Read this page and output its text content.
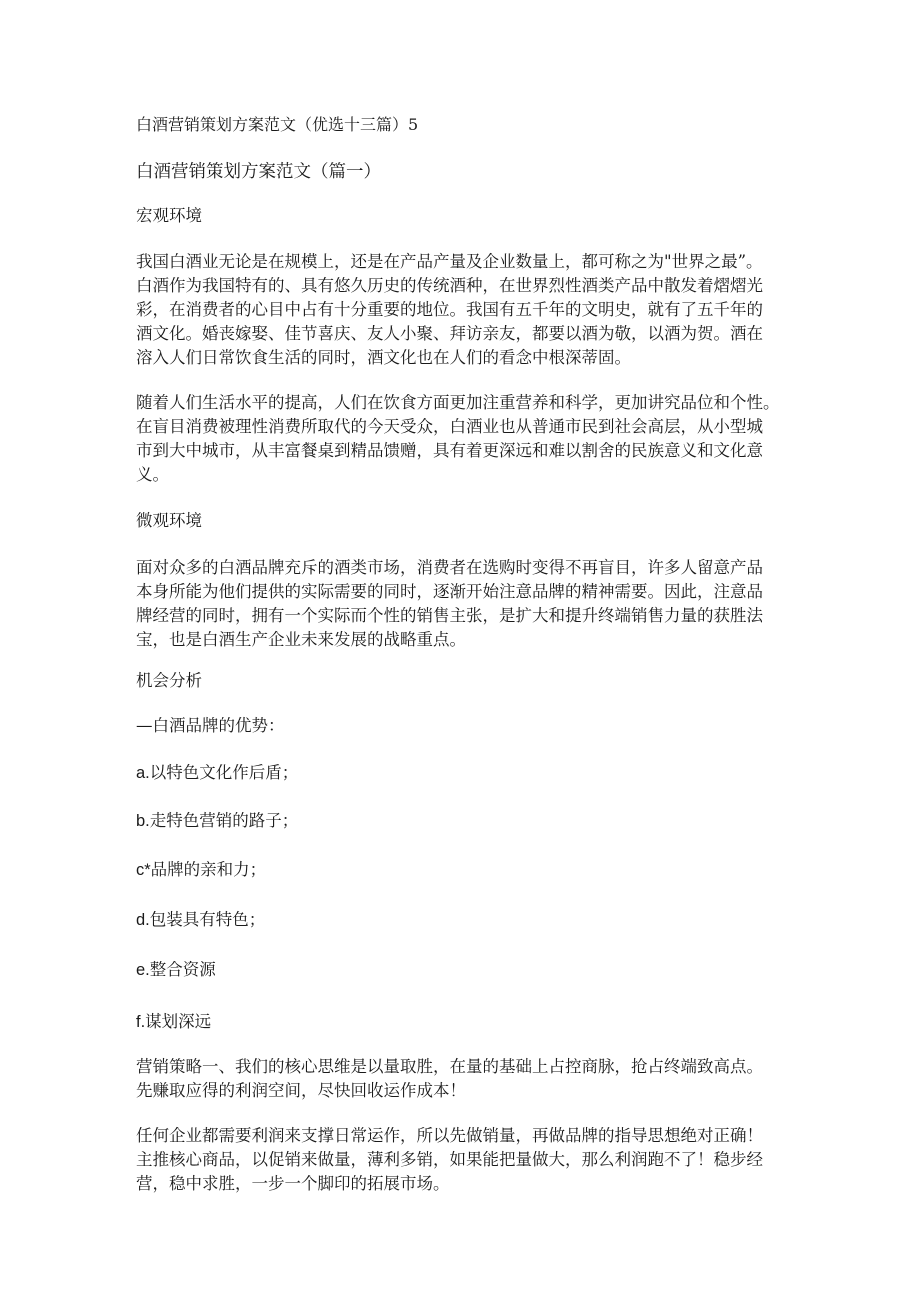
白酒营销策划方案范文（优选十三篇）5
白酒营销策划方案范文（篇一）
宏观环境
我国白酒业无论是在规模上，还是在产品产量及企业数量上，都可称之为"世界之最”。
白酒作为我国特有的、具有悠久历史的传统酒种，在世界烈性酒类产品中散发着熠熠光
彩，在消费者的心目中占有十分重要的地位。我国有五千年的文明史，就有了五千年的
酒文化。婚丧嫁娶、佳节喜庆、友人小聚、拜访亲友，都要以酒为敬，以酒为贺。酒在
溶入人们日常饮食生活的同时，酒文化也在人们的看念中根深蒂固。
随着人们生活水平的提高，人们在饮食方面更加注重营养和科学，更加讲究品位和个性。
在盲目消费被理性消费所取代的今天受众，白酒业也从普通市民到社会高层，从小型城
市到大中城市，从丰富餐桌到精品馈赠，具有着更深远和难以割舍的民族意义和文化意
义。
微观环境
面对众多的白酒品牌充斥的酒类市场，消费者在选购时变得不再盲目，许多人留意产品
本身所能为他们提供的实际需要的同时，逐渐开始注意品牌的精神需要。因此，注意品
牌经营的同时，拥有一个实际而个性的销售主张，是扩大和提升终端销售力量的获胜法
宝，也是白酒生产企业未来发展的战略重点。
机会分析
—白酒品牌的优势：
a.以特色文化作后盾；
b.走特色营销的路子；
c*品牌的亲和力；
d.包装具有特色；
e.整合资源
f.谋划深远
营销策略一、我们的核心思维是以量取胜，在量的基础上占控商脉，抢占终端致高点。
先赚取应得的利润空间，尽快回收运作成本！
任何企业都需要利润来支撑日常运作，所以先做销量，再做品牌的指导思想绝对正确！
主推核心商品，以促销来做量，薄利多销，如果能把量做大，那么利润跑不了！稳步经
营，稳中求胜，一步一个脚印的拓展市场。
